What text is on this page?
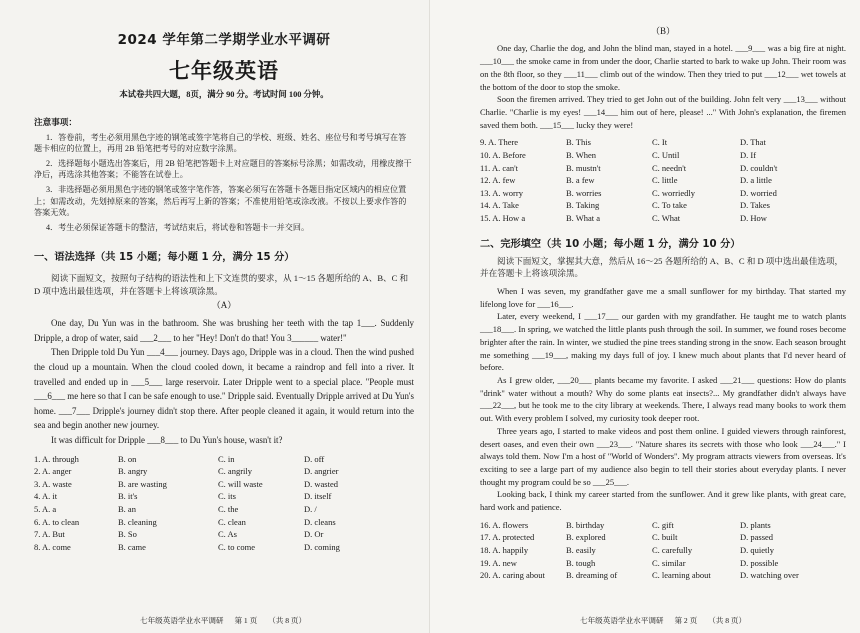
2024 学年第二学期学业水平调研
七年级英语
本试卷共四大题，8页，满分 90 分。考试时间 100 分钟。
注意事项：

1．答卷前，考生必须用黑色字迹的钢笔或签字笔将自己的学校、班级、姓名、座位号和考号填写在答题卡相应的位置上，再用 2B 铅笔把考号的对应数字涂黑。

2．选择题每小题选出答案后，用 2B 铅笔把答题卡上对应题目的答案标号涂黑；如需改动，用橡皮擦干净后，再选涂其他答案；不能答在试卷上。

3．非选择题必须用黑色字迹的钢笔或签字笔作答，答案必须写在答题卡各题目指定区域内的相应位置上；如需改动，先划掉原来的答案，然后再写上新的答案；不准使用铅笔或涂改液。不按以上要求作答的答案无效。

4．考生必须保证答题卡的整洁，考试结束后，将试卷和答题卡一并交回。

一、语法选择（共 15 小题；每小题 1 分，满分 15 分）
阅读下面短文，按照句子结构的语法性和上下文连贯的要求，从 1～15 各题所给的 A、B、C 和 D 项中选出最佳选项，并在答题卡上将该项涂黑。
（A）

One day, Du Yun was in the bathroom. She was brushing her teeth with the tap 1___. Suddenly Dripple, a drop of water, said ___2___ to her "Hey! Don't do that! You 3______ water!"

Then Dripple told Du Yun ___4___ journey. Days ago, Dripple was in a cloud. Then the wind pushed the cloud up a mountain. When the cloud cooled down, it became a raindrop and fell into a river. It travelled and ended up in ___5___ large reservoir. Later Dripple went to a special place. "People must ___6___ me here so that I can be safe enough to use." Dripple said. Eventually Dripple arrived at Du Yun's home. ___7___ Dripple's journey didn't stop there. After people cleaned it again, it would return into the sea and begin another new journey.

It was difficult for Dripple ___8___ to Du Yun's house, wasn't it?

1. A. through	B. on	C. in	D. off
2. A. anger	B. angry	C. angrily	D. angrier
3. A. waste	B. are wasting	C. will waste	D. wasted
4. A. it	B. it's	C. its	D. itself
5. A. a	B. an	C. the	D. /
6. A. to clean	B. cleaning	C. clean	D. cleans
7. A. But	B. So	C. As	D. Or
8. A. come	B. came	C. to come	D. coming
七年级英语学业水平调研 第 1 页 （共 8 页）
（B）

One day, Charlie the dog, and John the blind man, stayed in a hotel. ___9___ was a big fire at night. ___10___ the smoke came in from under the door, Charlie started to bark to wake up John. Their room was on the 8th floor, so they ___11___ climb out of the window. Then they tried to put ___12___ wet towels at the bottom of the door to stop the smoke.

Soon the firemen arrived. They tried to get John out of the building. John felt very ___13___ without Charlie. "Charlie is my eyes! ___14___ him out of here, please! ..." With John's explanation, the firemen saved them both. ___15___ lucky they were!

9. A. There	B. This	C. It	D. That
10. A. Before	B. When	C. Until	D. If
11. A. can't	B. mustn't	C. needn't	D. couldn't
12. A. few	B. a few	C. little	D. a little
13. A. worry	B. worries	C. worriedly	D. worried
14. A. Take	B. Taking	C. To take	D. Takes
15. A. How a	B. What a	C. What	D. How
二、完形填空（共 10 小题；每小题 1 分，满分 10 分）
阅读下面短文，掌握其大意，然后从 16～25 各题所给的 A、B、C 和 D 项中选出最佳选项，并在答题卡上将该项涂黑。

When I was seven, my grandfather gave me a small sunflower for my birthday. That started my lifelong love for ___16___.

Later, every weekend, I ___17___ our garden with my grandfather. He taught me to watch plants ___18___. In spring, we watched the little plants push through the soil. In summer, we found roses become brighter after the rain. In winter, we studied the pine trees standing strong in the snow. Each season brought me something ___19___, making my days full of joy. I knew much about plants that I'd never heard of before.

As I grew older, ___20___ plants became my favorite. I asked ___21___ questions: How do plants "drink" water without a mouth? Why do some plants eat insects?... My grandfather didn't always have ___22___, but he took me to the city library at weekends. There, I always read many books to work them out. With every problem I solved, my curiosity took deeper root.

Three years ago, I started to make videos and post them online. I guided viewers through rainforest, desert oases, and even their own ___23___. "Nature shares its secrets with those who look ___24___." I always told them. Now I'm a host of "World of Wonders". My program attracts viewers from overseas. It's exciting to see a large part of my audience also begin to tell their stories about everyday plants. I never thought my program could be so ___25___.

Looking back, I think my career started from the sunflower. And it grew like plants, with great care, hard work and patience.

16. A. flowers	B. birthday	C. gift	D. plants
17. A. protected	B. explored	C. built	D. passed
18. A. happily	B. easily	C. carefully	D. quietly
19. A. new	B. tough	C. similar	D. possible
20. A. caring about	B. dreaming of	C. learning about	D. watching over
七年级英语学业水平调研 第 2 页 （共 8 页）
